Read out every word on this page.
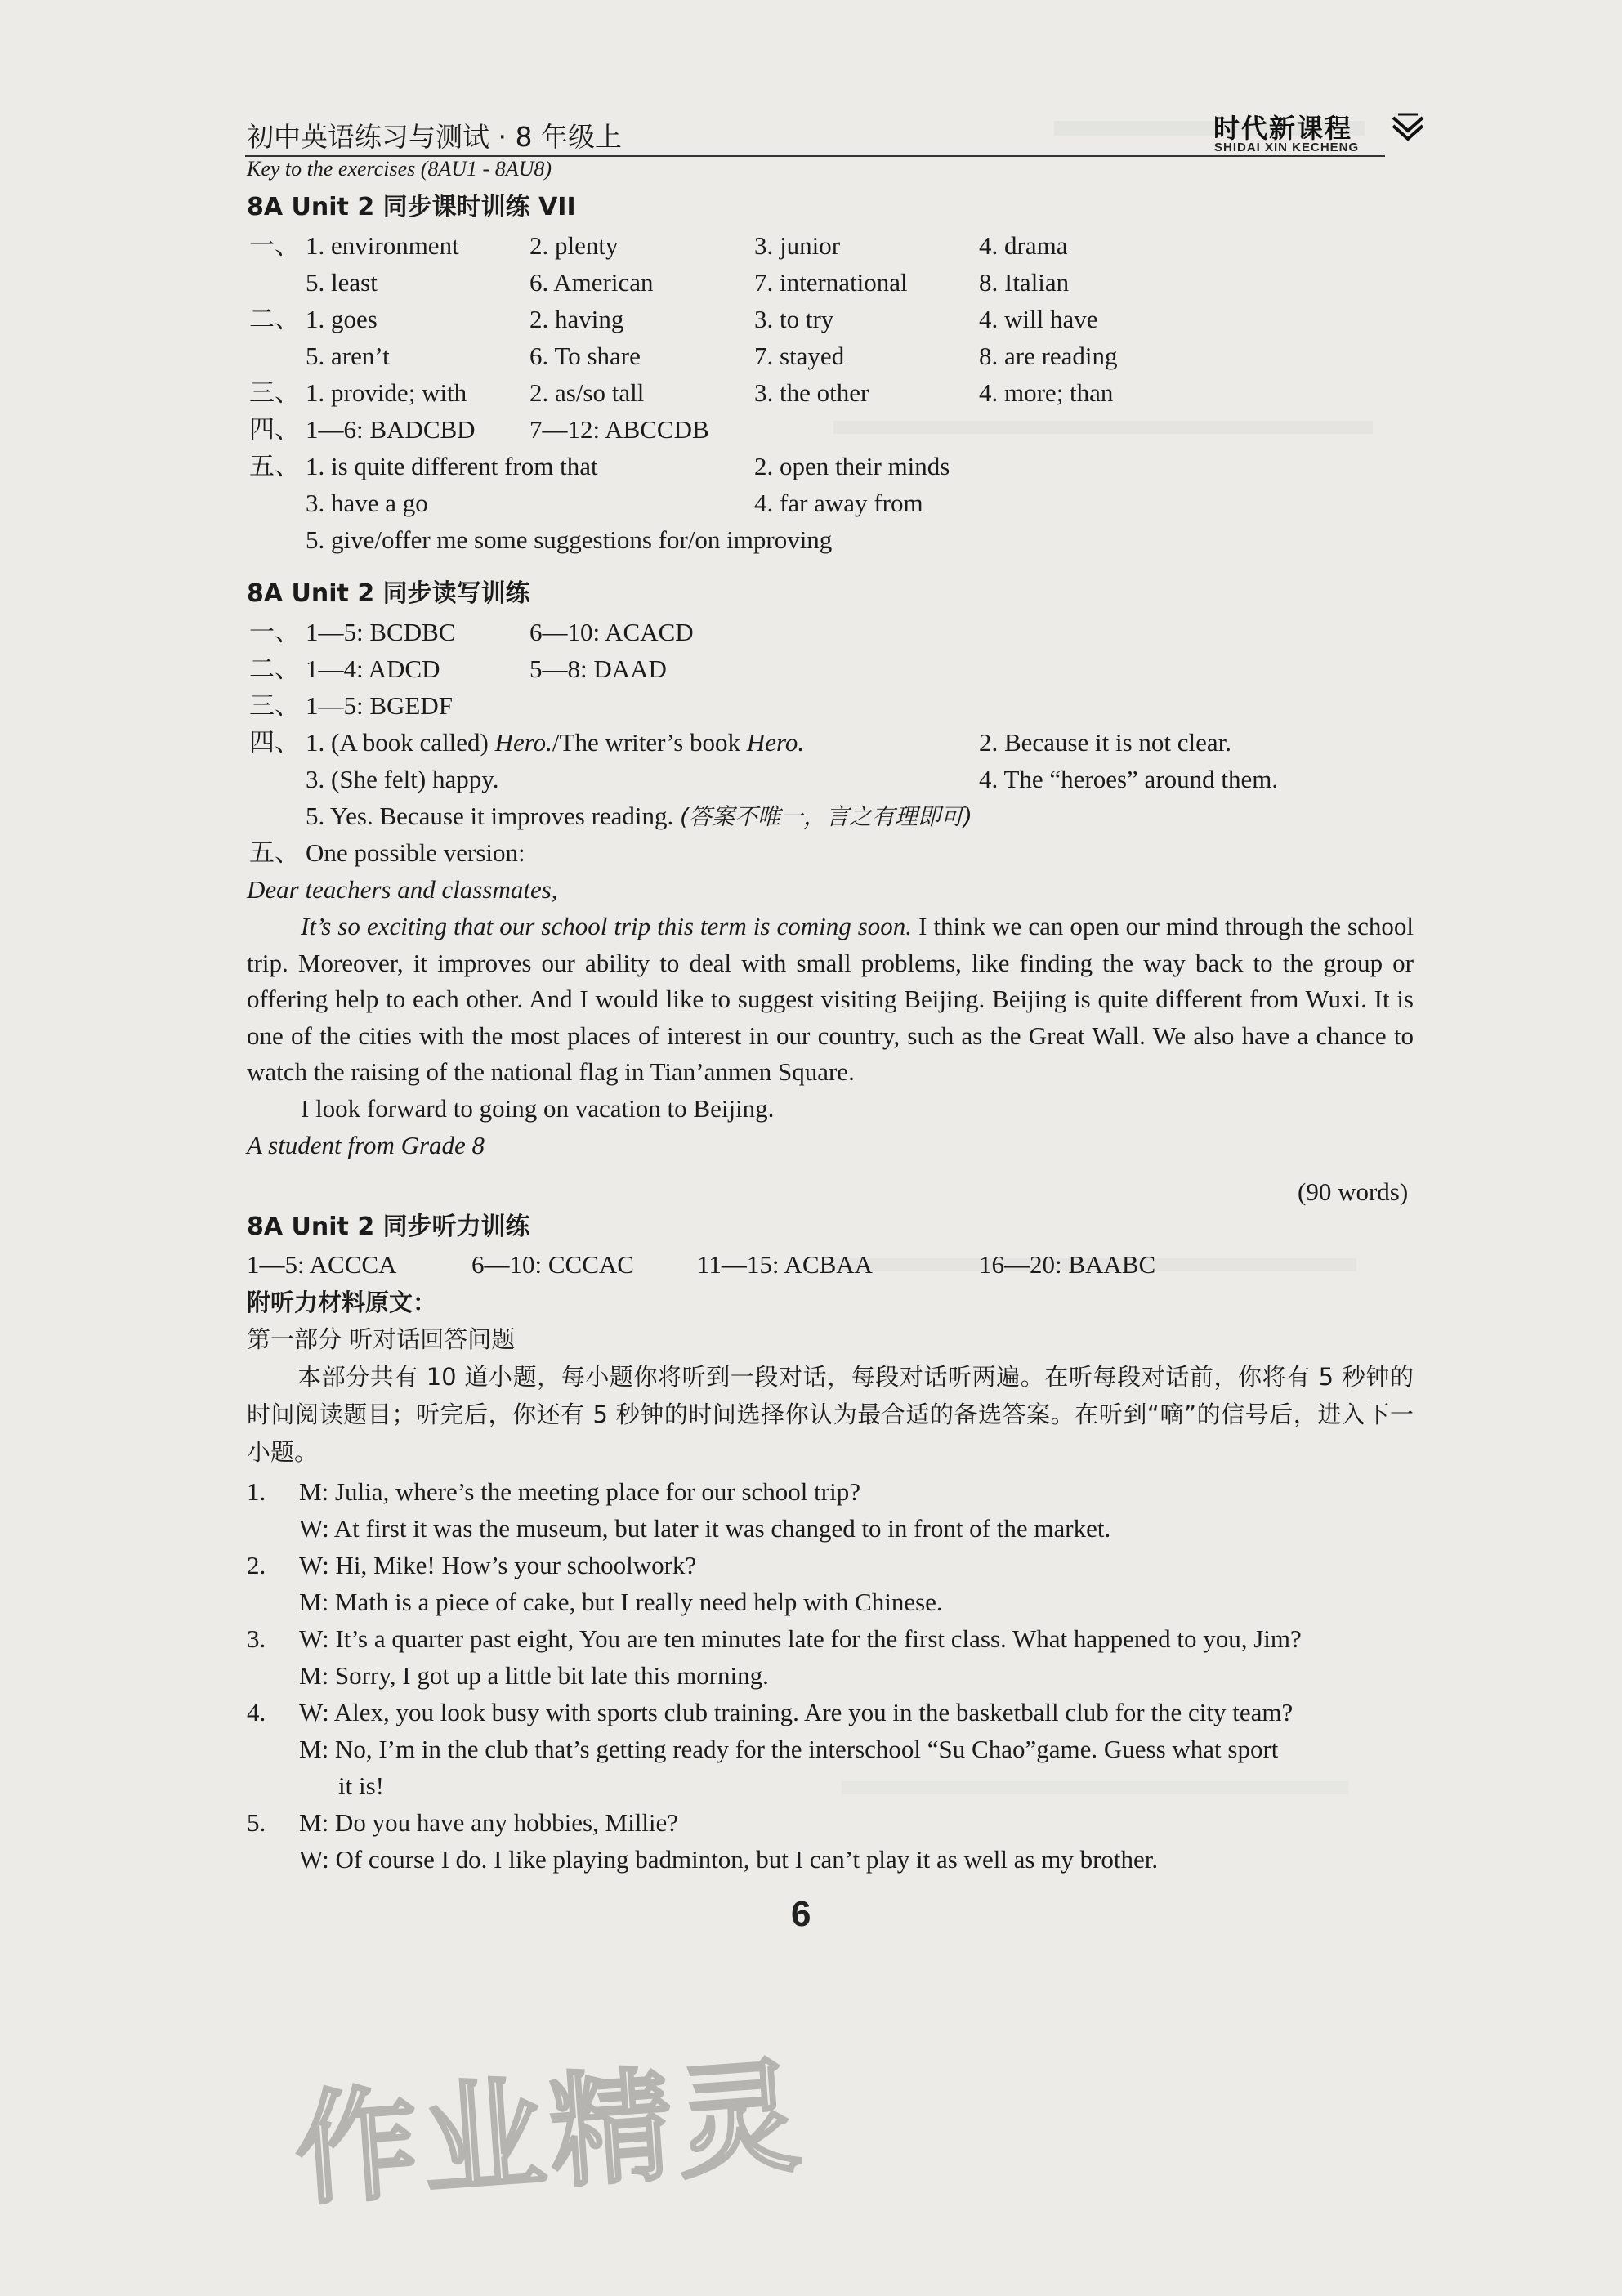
初中英语练习与测试 · 8 年级上	时代新课程
SHIDAI XIN KECHENG
Key to the exercises (8AU1 - 8AU8)
8A Unit 2 同步课时训练 VII
一、 1. environment	2. plenty	3. junior	4. drama
5. least	6. American	7. international	8. Italian
二、 1. goes	2. having	3. to try	4. will have
5. aren’t	6. To share	7. stayed	8. are reading
三、 1. provide; with 2. as/so tall	3. the other	4. more; than
四、 1—6: BADCBD 7—12: ABCCDB
五、 1. is quite different from that	2. open their minds
3. have a go	4. far away from
5. give/offer me some suggestions for/on improving
8A Unit 2 同步读写训练
一、 1—5: BCDBC	6—10: ACACD
二、 1—4: ADCD	5—8: DAAD
三、 1—5: BGEDF
四、 1. (A book called) Hero./The writer’s book Hero.	2. Because it is not clear.
3. (She felt) happy.	4. The “heroes” around them.
5. Yes. Because it improves reading. (答案不唯一，言之有理即可)
五、 One possible version:
Dear teachers and classmates,
It’s so exciting that our school trip this term is coming soon. I think we can open our mind through the school trip. Moreover, it improves our ability to deal with small problems, like finding the way back to the group or offering help to each other. And I would like to suggest visiting Beijing. Beijing is quite different from Wuxi. It is one of the cities with the most places of interest in our country, such as the Great Wall. We also have a chance to watch the raising of the national flag in Tian’anmen Square.
I look forward to going on vacation to Beijing.
A student from Grade 8
(90 words)
8A Unit 2 同步听力训练
1—5: ACCCA	6—10: CCCAC 11—15: ACBAA	16—20: BAABC
附听力材料原文：
第一部分 听对话回答问题
本部分共有 10 道小题，每小题你将听到一段对话，每段对话听两遍。在听每段对话前，你将有 5 秒钟的时间阅读题目；听完后，你还有 5 秒钟的时间选择你认为最合适的备选答案。在听到“嘀”的信号后，进入下一小题。
1. M: Julia, where’s the meeting place for our school trip?
W: At first it was the museum, but later it was changed to in front of the market.
2. W: Hi, Mike! How’s your schoolwork?
M: Math is a piece of cake, but I really need help with Chinese.
3. W: It’s a quarter past eight, You are ten minutes late for the first class. What happened to you, Jim?
M: Sorry, I got up a little bit late this morning.
4. W: Alex, you look busy with sports club training. Are you in the basketball club for the city team?
M: No, I’m in the club that’s getting ready for the interschool “Su Chao”game. Guess what sport
it is!
5. M: Do you have any hobbies, Millie?
W: Of course I do. I like playing badminton, but I can’t play it as well as my brother.
6
作业精灵
